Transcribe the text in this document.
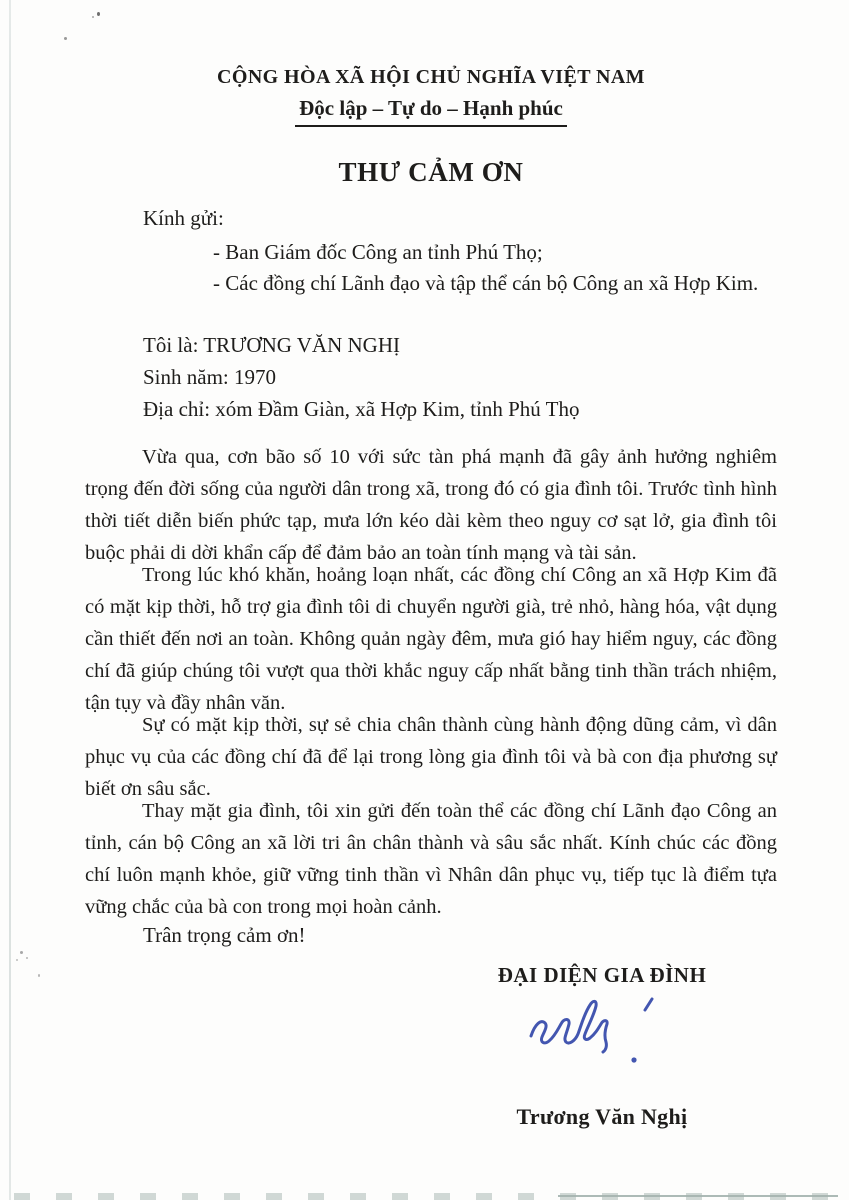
CỘNG HÒA XÃ HỘI CHỦ NGHĨA VIỆT NAM
Độc lập – Tự do – Hạnh phúc
THƯ CẢM ƠN
Kính gửi:
- Ban Giám đốc Công an tỉnh Phú Thọ;
- Các đồng chí Lãnh đạo và tập thể cán bộ Công an xã Hợp Kim.
Tôi là: TRƯƠNG VĂN NGHỊ
Sinh năm: 1970
Địa chỉ: xóm Đầm Giàn, xã Hợp Kim, tỉnh Phú Thọ

Vừa qua, cơn bão số 10 với sức tàn phá mạnh đã gây ảnh hưởng nghiêm trọng đến đời sống của người dân trong xã, trong đó có gia đình tôi. Trước tình hình thời tiết diễn biến phức tạp, mưa lớn kéo dài kèm theo nguy cơ sạt lở, gia đình tôi buộc phải di dời khẩn cấp để đảm bảo an toàn tính mạng và tài sản.

Trong lúc khó khăn, hoảng loạn nhất, các đồng chí Công an xã Hợp Kim đã có mặt kịp thời, hỗ trợ gia đình tôi di chuyển người già, trẻ nhỏ, hàng hóa, vật dụng cần thiết đến nơi an toàn. Không quản ngày đêm, mưa gió hay hiểm nguy, các đồng chí đã giúp chúng tôi vượt qua thời khắc nguy cấp nhất bằng tinh thần trách nhiệm, tận tụy và đầy nhân văn.

Sự có mặt kịp thời, sự sẻ chia chân thành cùng hành động dũng cảm, vì dân phục vụ của các đồng chí đã để lại trong lòng gia đình tôi và bà con địa phương sự biết ơn sâu sắc.

Thay mặt gia đình, tôi xin gửi đến toàn thể các đồng chí Lãnh đạo Công an tỉnh, cán bộ Công an xã lời tri ân chân thành và sâu sắc nhất. Kính chúc các đồng chí luôn mạnh khỏe, giữ vững tinh thần vì Nhân dân phục vụ, tiếp tục là điểm tựa vững chắc của bà con trong mọi hoàn cảnh.

Trân trọng cảm ơn!
ĐẠI DIỆN GIA ĐÌNH
Trương Văn Nghị
